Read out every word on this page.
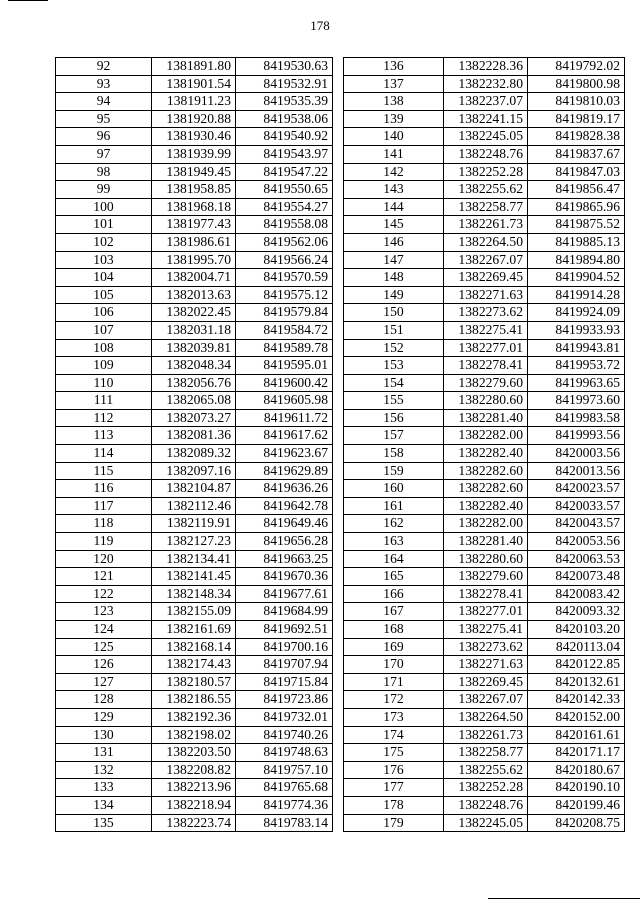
178
92	1381891.80	8419530.63
93	1381901.54	8419532.91
94	1381911.23	8419535.39
95	1381920.88	8419538.06
96	1381930.46	8419540.92
97	1381939.99	8419543.97
98	1381949.45	8419547.22
99	1381958.85	8419550.65
100	1381968.18	8419554.27
101	1381977.43	8419558.08
102	1381986.61	8419562.06
103	1381995.70	8419566.24
104	1382004.71	8419570.59
105	1382013.63	8419575.12
106	1382022.45	8419579.84
107	1382031.18	8419584.72
108	1382039.81	8419589.78
109	1382048.34	8419595.01
110	1382056.76	8419600.42
111	1382065.08	8419605.98
112	1382073.27	8419611.72
113	1382081.36	8419617.62
114	1382089.32	8419623.67
115	1382097.16	8419629.89
116	1382104.87	8419636.26
117	1382112.46	8419642.78
118	1382119.91	8419649.46
119	1382127.23	8419656.28
120	1382134.41	8419663.25
121	1382141.45	8419670.36
122	1382148.34	8419677.61
123	1382155.09	8419684.99
124	1382161.69	8419692.51
125	1382168.14	8419700.16
126	1382174.43	8419707.94
127	1382180.57	8419715.84
128	1382186.55	8419723.86
129	1382192.36	8419732.01
130	1382198.02	8419740.26
131	1382203.50	8419748.63
132	1382208.82	8419757.10
133	1382213.96	8419765.68
134	1382218.94	8419774.36
135	1382223.74	8419783.14
136	1382228.36	8419792.02
137	1382232.80	8419800.98
138	1382237.07	8419810.03
139	1382241.15	8419819.17
140	1382245.05	8419828.38
141	1382248.76	8419837.67
142	1382252.28	8419847.03
143	1382255.62	8419856.47
144	1382258.77	8419865.96
145	1382261.73	8419875.52
146	1382264.50	8419885.13
147	1382267.07	8419894.80
148	1382269.45	8419904.52
149	1382271.63	8419914.28
150	1382273.62	8419924.09
151	1382275.41	8419933.93
152	1382277.01	8419943.81
153	1382278.41	8419953.72
154	1382279.60	8419963.65
155	1382280.60	8419973.60
156	1382281.40	8419983.58
157	1382282.00	8419993.56
158	1382282.40	8420003.56
159	1382282.60	8420013.56
160	1382282.60	8420023.57
161	1382282.40	8420033.57
162	1382282.00	8420043.57
163	1382281.40	8420053.56
164	1382280.60	8420063.53
165	1382279.60	8420073.48
166	1382278.41	8420083.42
167	1382277.01	8420093.32
168	1382275.41	8420103.20
169	1382273.62	8420113.04
170	1382271.63	8420122.85
171	1382269.45	8420132.61
172	1382267.07	8420142.33
173	1382264.50	8420152.00
174	1382261.73	8420161.61
175	1382258.77	8420171.17
176	1382255.62	8420180.67
177	1382252.28	8420190.10
178	1382248.76	8420199.46
179	1382245.05	8420208.75
